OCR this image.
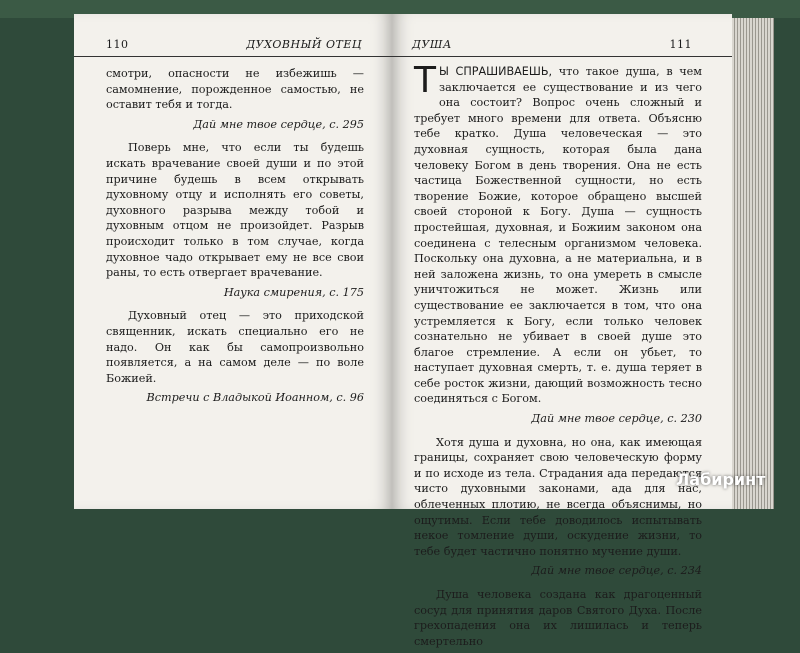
110	ДУХОВНЫЙ ОТЕЦ

смотри, опасности не избежишь — самомнение, порожденное самостью, не оставит тебя и тогда.

Дай мне твое сердце, с. 295

Поверь мне, что если ты будешь искать врачевание своей души и по этой причине будешь в всем открывать духовному отцу и исполнять его советы, духовного разрыва между тобой и духовным отцом не произойдет. Разрыв происходит только в том случае, когда духовное чадо открывает ему не все свои раны, то есть отвергает врачевание.

Наука смирения, с. 175

Духовный отец — это приходской священник, искать специально его не надо. Он как бы самопроизвольно появляется, а на самом деле — по воле Божией.

Встречи с Владыкой Иоанном, с. 96

ДУША	111

Т Ы СПРАШИВАЕШЬ, что такое душа, в чем заключается ее существование и из чего она состоит? Вопрос очень сложный и требует много времени для ответа. Объясню тебе кратко. Душа человеческая — это духовная сущность, которая была дана человеку Богом в день творения. Она не есть частица Божественной сущности, но есть творение Божие, которое обращено высшей своей стороной к Богу. Душа — сущность простейшая, духовная, и Божиим законом она соединена с телесным организмом человека. Поскольку она духовна, а не материальна, и в ней заложена жизнь, то она умереть в смысле уничтожиться не может. Жизнь или существование ее заключается в том, что она устремляется к Богу, если только человек сознательно не убивает в своей душе это благое стремление. А если он убьет, то наступает духовная смерть, т. е. душа теряет в себе росток жизни, дающий возможность тесно соединяться с Богом.

Дай мне твое сердце, с. 230

Хотя душа и духовна, но она, как имеющая границы, сохраняет свою человеческую форму и по исходе из тела. Страдания ада передаются чисто духовными законами, ада для нас, облеченных плотию, не всегда объяснимы, но ощутимы. Если тебе доводилось испытывать некое томление души, оскудение жизни, то тебе будет частично понятно мучение души.

Дай мне твое сердце, с. 234

Душа человека создана как драгоценный сосуд для принятия даров Святого Духа. После грехопадения она их лишилась и теперь смертельно

Лабиринт
